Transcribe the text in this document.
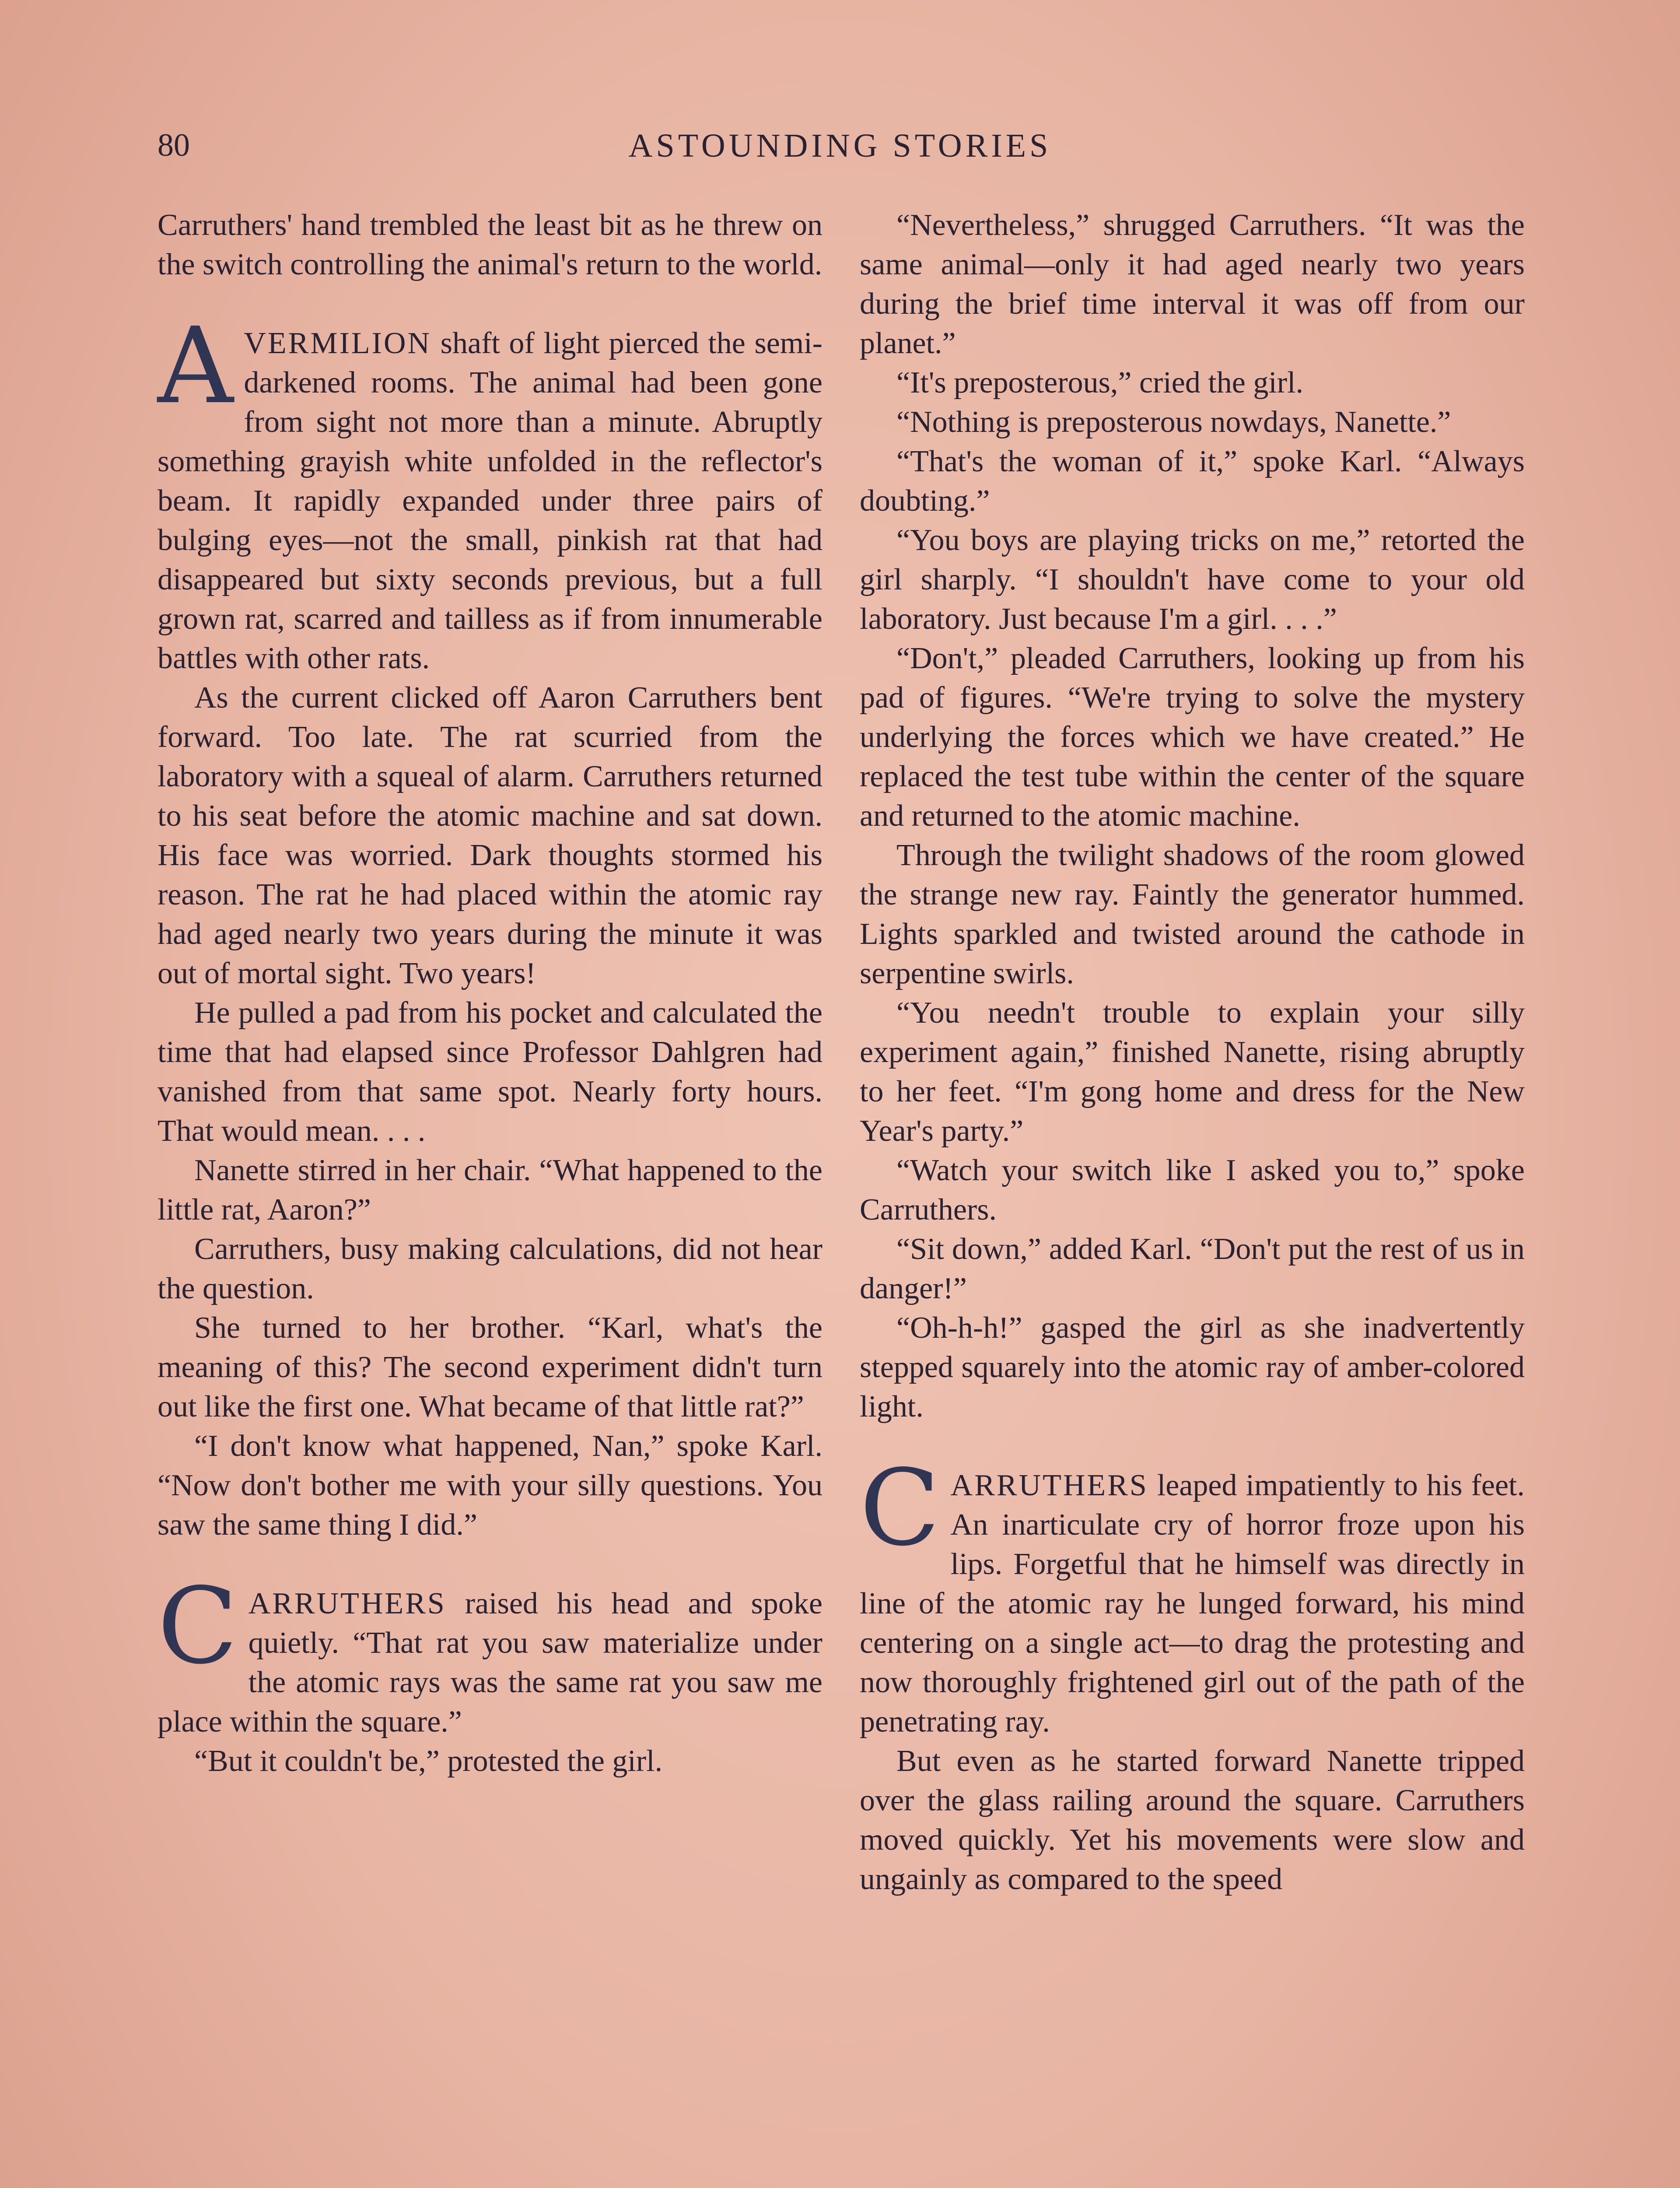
80	ASTOUNDING STORIES

Carruthers' hand trembled the least bit as he threw on the switch controlling the animal's return to the world.

AVERMILION shaft of light pierced the semi-darkened rooms. The animal had been gone from sight not more than a minute. Abruptly something grayish white unfolded in the reflector's beam. It rapidly expanded under three pairs of bulging eyes—not the small, pinkish rat that had disappeared but sixty seconds previous, but a full grown rat, scarred and tailless as if from innumerable battles with other rats.

As the current clicked off Aaron Carruthers bent forward. Too late. The rat scurried from the laboratory with a squeal of alarm. Carruthers returned to his seat before the atomic machine and sat down. His face was worried. Dark thoughts stormed his reason. The rat he had placed within the atomic ray had aged nearly two years during the minute it was out of mortal sight. Two years!

He pulled a pad from his pocket and calculated the time that had elapsed since Professor Dahlgren had vanished from that same spot. Nearly forty hours. That would mean. . . .

Nanette stirred in her chair. “What happened to the little rat, Aaron?”

Carruthers, busy making calculations, did not hear the question.

She turned to her brother. “Karl, what's the meaning of this? The second experiment didn't turn out like the first one. What became of that little rat?”

“I don't know what happened, Nan,” spoke Karl. “Now don't bother me with your silly questions. You saw the same thing I did.”

CARRUTHERS raised his head and spoke quietly. “That rat you saw materialize under the atomic rays was the same rat you saw me place within the square.”

“But it couldn't be,” protested the girl.

“Nevertheless,” shrugged Carruthers. “It was the same animal—only it had aged nearly two years during the brief time interval it was off from our planet.”

“It's preposterous,” cried the girl.

“Nothing is preposterous nowdays, Nanette.”

“That's the woman of it,” spoke Karl. “Always doubting.”

“You boys are playing tricks on me,” retorted the girl sharply. “I shouldn't have come to your old laboratory. Just because I'm a girl. . . .”

“Don't,” pleaded Carruthers, looking up from his pad of figures. “We're trying to solve the mystery underlying the forces which we have created.” He replaced the test tube within the center of the square and returned to the atomic machine.

Through the twilight shadows of the room glowed the strange new ray. Faintly the generator hummed. Lights sparkled and twisted around the cathode in serpentine swirls.

“You needn't trouble to explain your silly experiment again,” finished Nanette, rising abruptly to her feet. “I'm gong home and dress for the New Year's party.”

“Watch your switch like I asked you to,” spoke Carruthers.

“Sit down,” added Karl. “Don't put the rest of us in danger!”

“Oh-h-h!” gasped the girl as she inadvertently stepped squarely into the atomic ray of amber-colored light.

CARRUTHERS leaped impatiently to his feet. An inarticulate cry of horror froze upon his lips. Forgetful that he himself was directly in line of the atomic ray he lunged forward, his mind centering on a single act—to drag the protesting and now thoroughly frightened girl out of the path of the penetrating ray.

But even as he started forward Nanette tripped over the glass railing around the square. Carruthers moved quickly. Yet his movements were slow and ungainly as compared to the speed
